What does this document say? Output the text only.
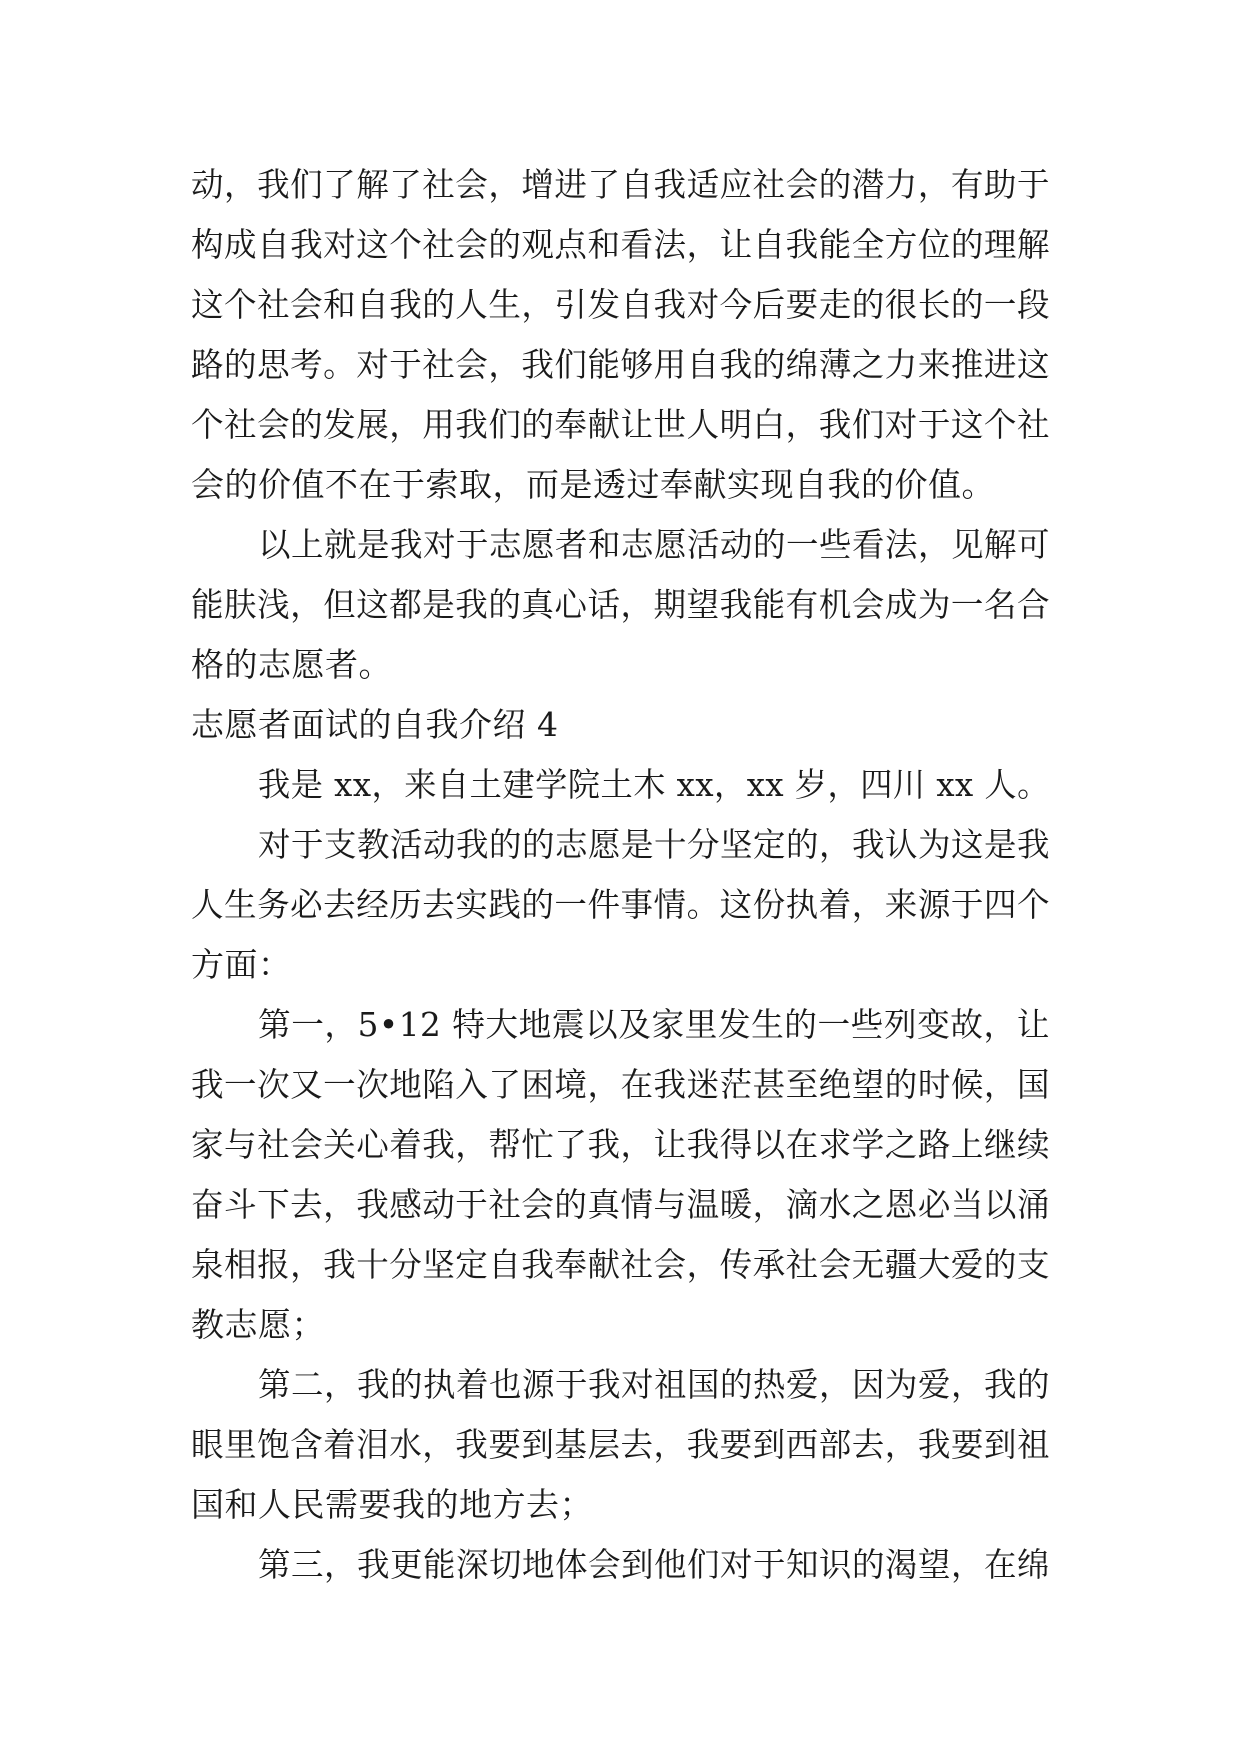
动，我们了解了社会，增进了自我适应社会的潜力，有助于

构成自我对这个社会的观点和看法，让自我能全方位的理解

这个社会和自我的人生，引发自我对今后要走的很长的一段

路的思考。对于社会，我们能够用自我的绵薄之力来推进这

个社会的发展，用我们的奉献让世人明白，我们对于这个社

会的价值不在于索取，而是透过奉献实现自我的价值。

以上就是我对于志愿者和志愿活动的一些看法，见解可

能肤浅，但这都是我的真心话，期望我能有机会成为一名合

格的志愿者。

志愿者面试的自我介绍 4

我是 xx，来自土建学院土木 xx，xx 岁，四川 xx 人。

对于支教活动我的的志愿是十分坚定的，我认为这是我

人生务必去经历去实践的一件事情。这份执着，来源于四个

方面：

第一，5•12 特大地震以及家里发生的一些列变故，让

我一次又一次地陷入了困境，在我迷茫甚至绝望的时候，国

家与社会关心着我，帮忙了我，让我得以在求学之路上继续

奋斗下去，我感动于社会的真情与温暖，滴水之恩必当以涌

泉相报，我十分坚定自我奉献社会，传承社会无疆大爱的支

教志愿；

第二，我的执着也源于我对祖国的热爱，因为爱，我的

眼里饱含着泪水，我要到基层去，我要到西部去，我要到祖

国和人民需要我的地方去；

第三，我更能深切地体会到他们对于知识的渴望，在绵
